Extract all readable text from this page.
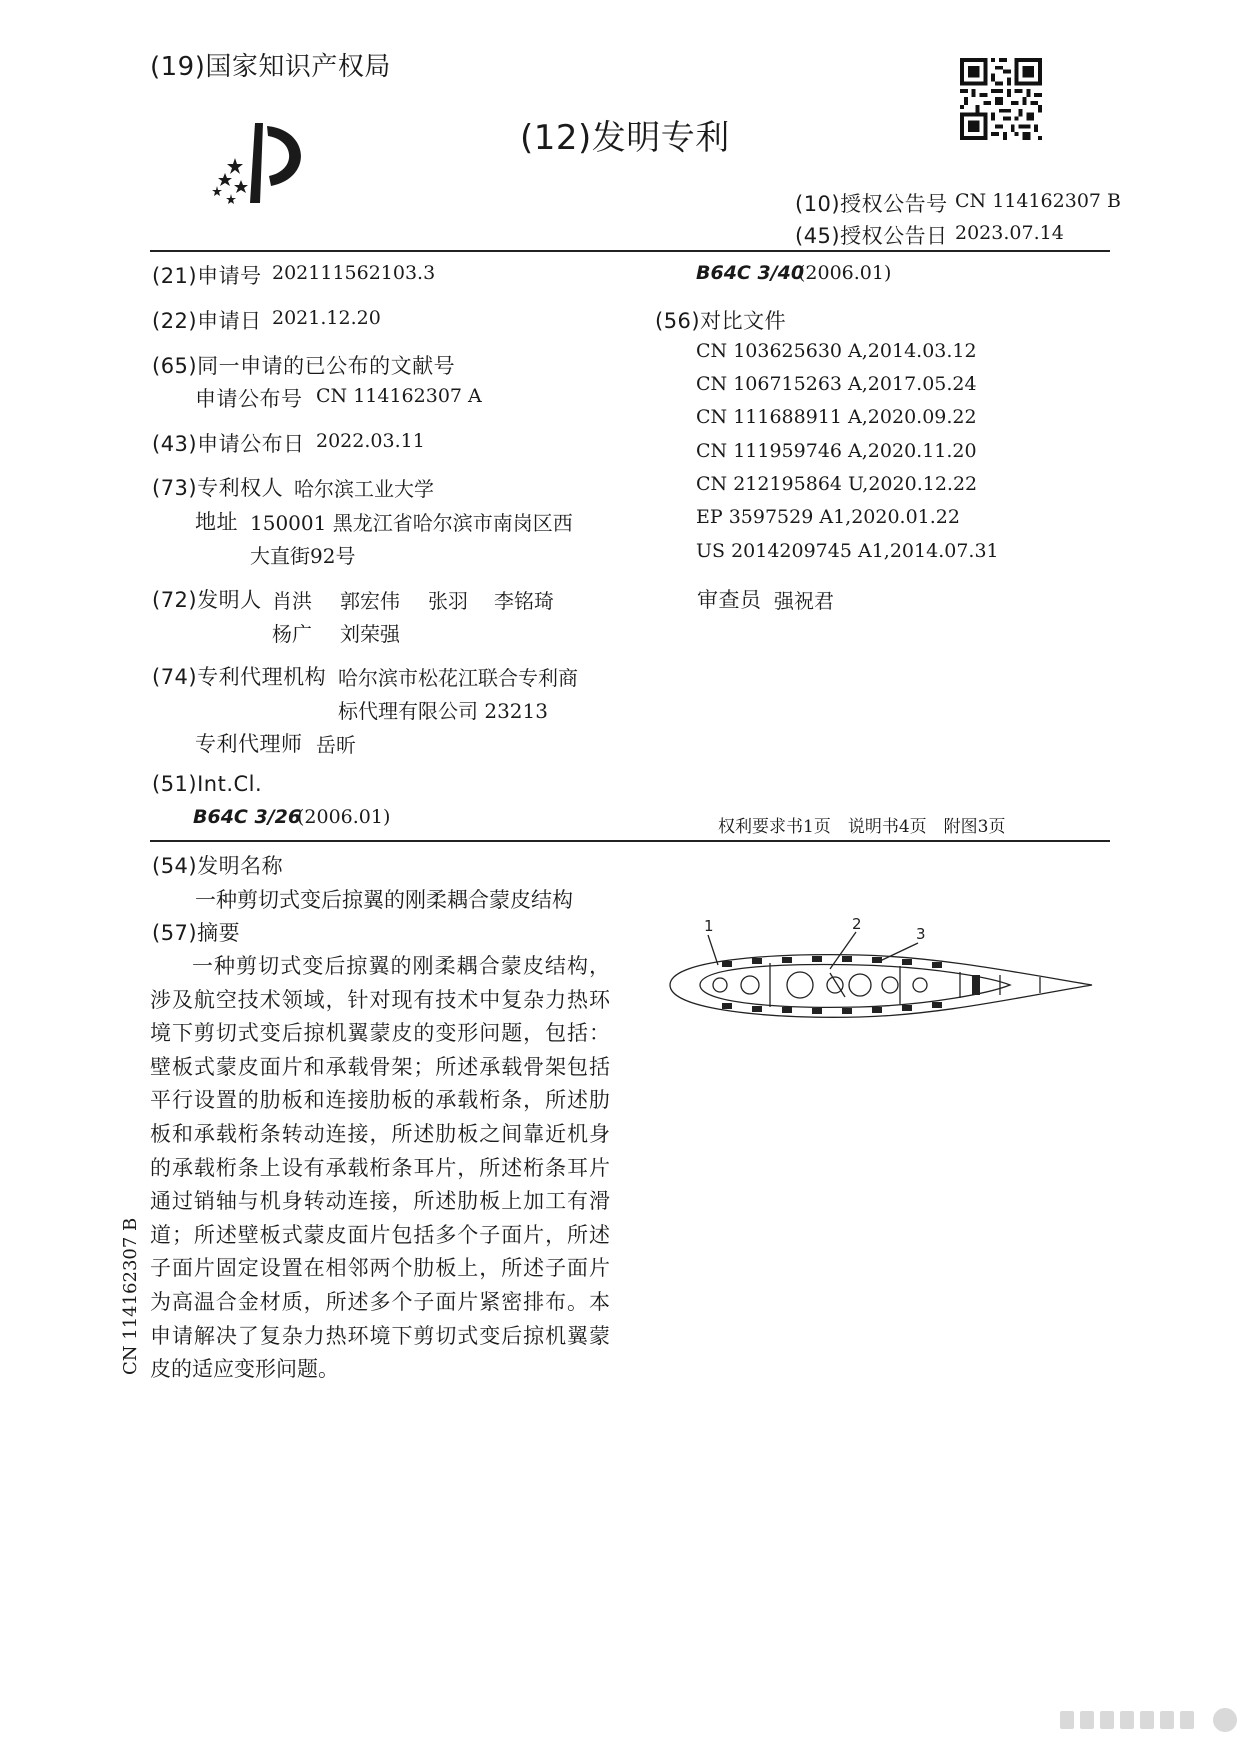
(19)国家知识产权局
(12)发明专利
(10)授权公告号 CN 114162307 B
(45)授权公告日 2023.07.14
(21)申请号 202111562103.3
(22)申请日 2021.12.20
(65)同一申请的已公布的文献号
申请公布号 CN 114162307 A
(43)申请公布日 2022.03.11
(73)专利权人 哈尔滨工业大学
地址 150001 黑龙江省哈尔滨市南岗区西
大直街92号
(72)发明人 肖洪 郭宏伟 张羽 李铭琦
杨广 刘荣强
(74)专利代理机构 哈尔滨市松花江联合专利商
标代理有限公司 23213
专利代理师 岳昕
(51)Int.Cl.
B64C 3/26
(2006.01)
B64C 3/40
(2006.01)
(56)对比文件
CN 103625630 A,2014.03.12
CN 106715263 A,2017.05.24
CN 111688911 A,2020.09.22
CN 111959746 A,2020.11.20
CN 212195864 U,2020.12.22
EP 3597529 A1,2020.01.22
US 2014209745 A1,2014.07.31
审查员 强祝君
权利要求书1页　说明书4页　附图3页
(54)发明名称
一种剪切式变后掠翼的刚柔耦合蒙皮结构
(57)摘要
一种剪切式变后掠翼的刚柔耦合蒙皮结构，涉及航空技术领域，针对现有技术中复杂力热环境下剪切式变后掠机翼蒙皮的变形问题，包括：壁板式蒙皮面片和承载骨架；所述承载骨架包括平行设置的肋板和连接肋板的承载桁条，所述肋板和承载桁条转动连接，所述肋板之间靠近机身的承载桁条上设有承载桁条耳片，所述桁条耳片通过销轴与机身转动连接，所述肋板上加工有滑道；所述壁板式蒙皮面片包括多个子面片，所述子面片固定设置在相邻两个肋板上，所述子面片为高温合金材质，所述多个子面片紧密排布。本申请解决了复杂力热环境下剪切式变后掠机翼蒙皮的适应变形问题。
1	2
3
CN 114162307 B
